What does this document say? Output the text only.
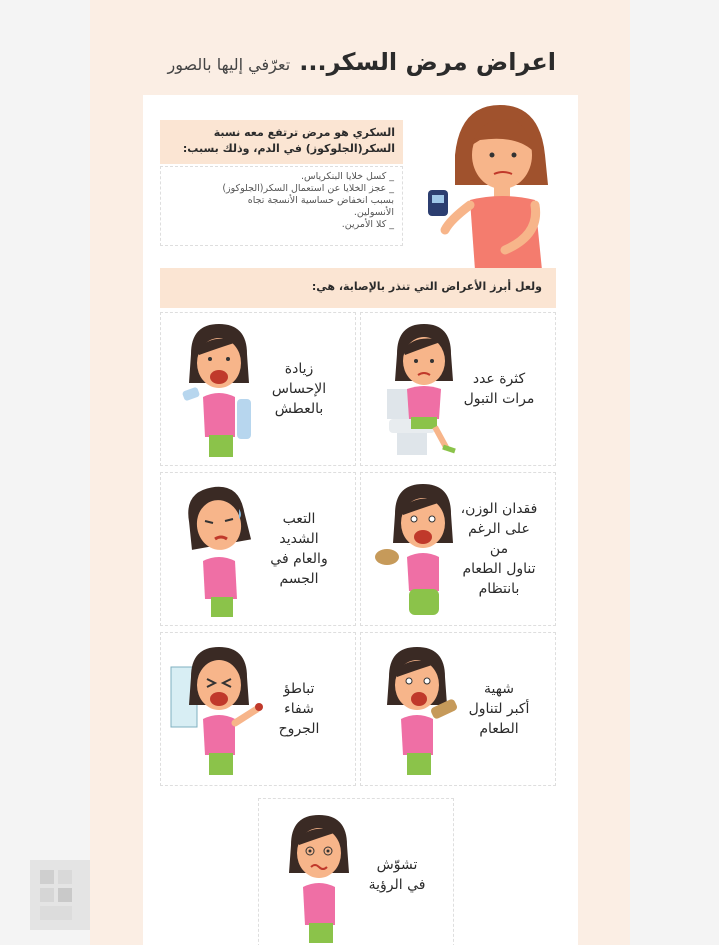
اعراض مرض السكر... تعرّفي إليها بالصور
السكري هو مرض ترتفع معه نسبة السكر(الجلوكوز) في الدم، وذلك بسبب:
_ كسل خلايا البنكرياس.
_ عجز الخلايا عن استعمال السكر(الجلوكوز)
بسبب انخفاض حساسية الأنسجة تجاه
الأنسولين.
_ كلا الأمرين.
ولعل أبرز الأعراض التي تنذر بالإصابة، هي:
كثرة عدد
مرات التبول
زيادة
الإحساس
بالعطش
فقدان الوزن،
على الرغم من
تناول الطعام
بانتظام
التعب
الشديد
والعام في
الجسم
شهية
أكبر لتناول
الطعام
تباطؤ
شفاء
الجروح
تشوّش
في الرؤية
